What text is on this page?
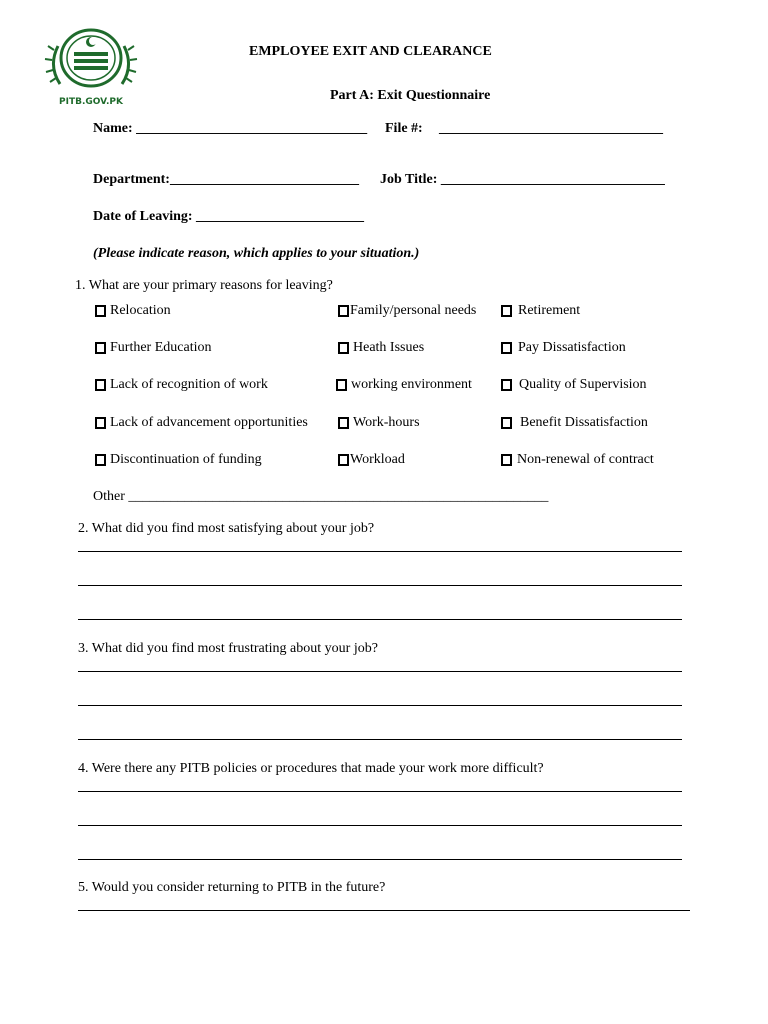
PITB.GOV.PK
EMPLOYEE EXIT AND CLEARANCE
Part A: Exit Questionnaire
Name: _________________________________ File #: ________________________________
Department:___________________________ Job Title: ________________________________
Date of Leaving: ________________________
(Please indicate reason, which applies to your situation.)
1. What are your primary reasons for leaving?
Relocation	Family/personal needs	Retirement
Further Education	Heath Issues	Pay Dissatisfaction
Lack of recognition of work	working environment	Quality of Supervision
Lack of advancement opportunities	Work-hours	Benefit Dissatisfaction
Discontinuation of funding	Workload	Non-renewal of contract
Other ____________________________________________________________
2. What did you find most satisfying about your job?
3. What did you find most frustrating about your job?
4. Were there any PITB policies or procedures that made your work more difficult?
5. Would you consider returning to PITB in the future?
